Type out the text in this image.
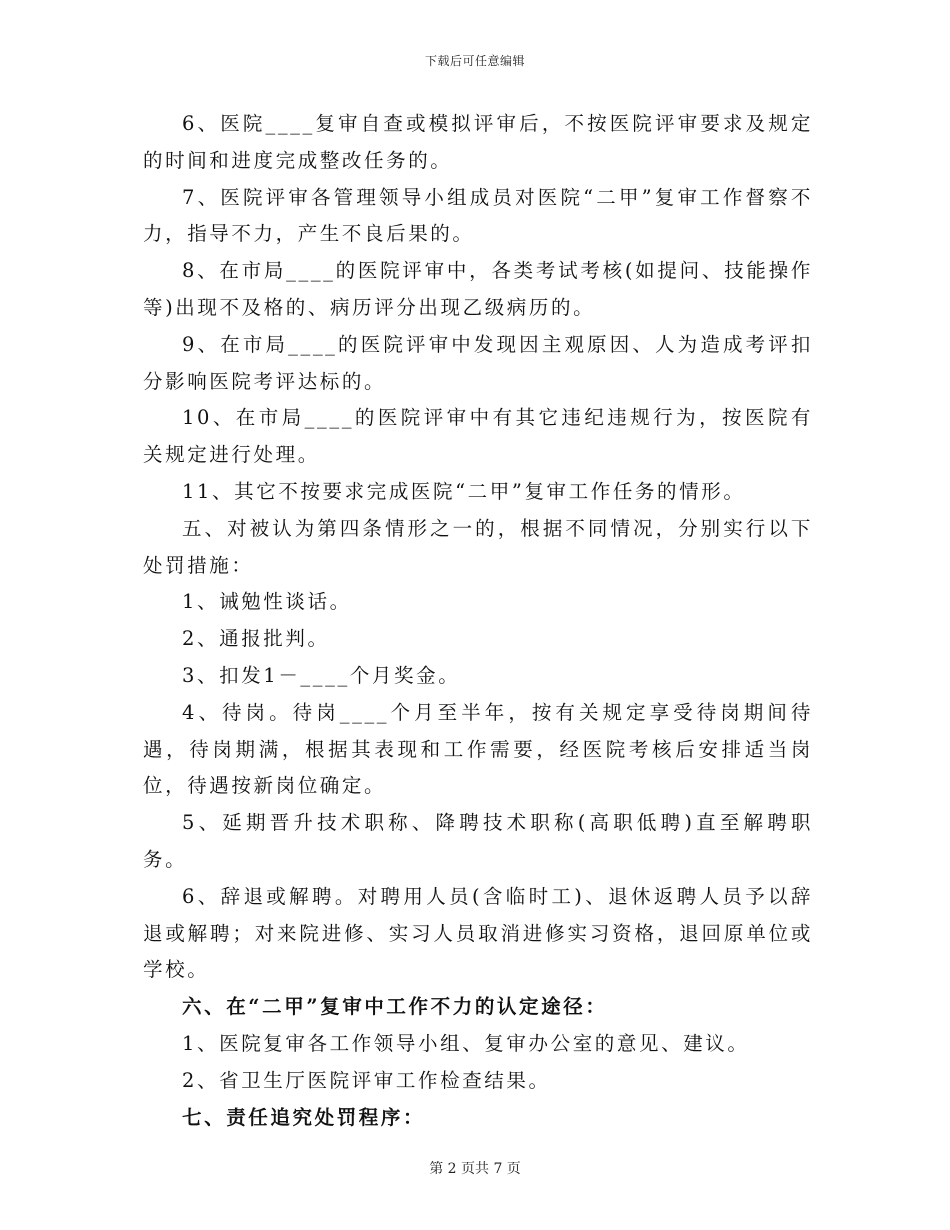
下载后可任意编辑

6、医院____复审自查或模拟评审后，不按医院评审要求及规定的时间和进度完成整改任务的。

7、医院评审各管理领导小组成员对医院“二甲”复审工作督察不力，指导不力，产生不良后果的。

8、在市局____的医院评审中，各类考试考核(如提问、技能操作等)出现不及格的、病历评分出现乙级病历的。

9、在市局____的医院评审中发现因主观原因、人为造成考评扣分影响医院考评达标的。

10、在市局____的医院评审中有其它违纪违规行为，按医院有关规定进行处理。

11、其它不按要求完成医院“二甲”复审工作任务的情形。

五、对被认为第四条情形之一的，根据不同情况，分别实行以下处罚措施：

1、诫勉性谈话。

2、通报批判。

3、扣发1－____个月奖金。

4、待岗。待岗____个月至半年，按有关规定享受待岗期间待遇，待岗期满，根据其表现和工作需要，经医院考核后安排适当岗位，待遇按新岗位确定。

5、延期晋升技术职称、降聘技术职称(高职低聘)直至解聘职务。

6、辞退或解聘。对聘用人员(含临时工)、退休返聘人员予以辞退或解聘；对来院进修、实习人员取消进修实习资格，退回原单位或学校。

六、在“二甲”复审中工作不力的认定途径：

1、医院复审各工作领导小组、复审办公室的意见、建议。

2、省卫生厅医院评审工作检查结果。

七、责任追究处罚程序：

第 2 页共 7 页
